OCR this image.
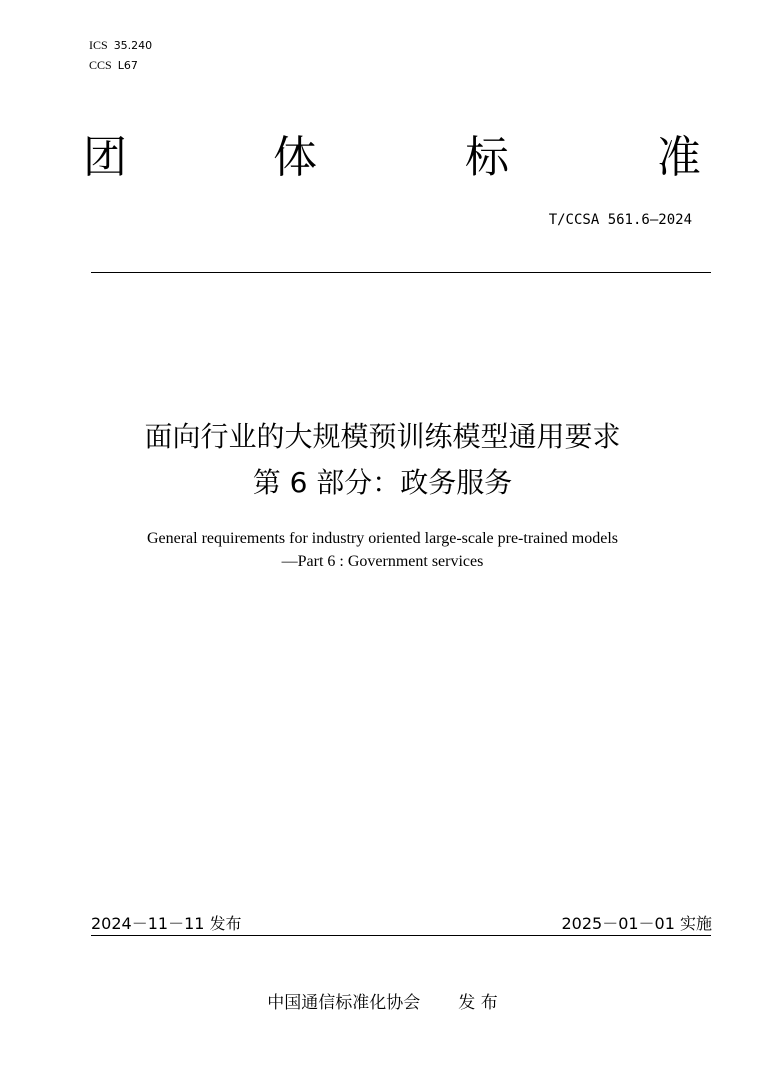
ICS 35.240
CCS L67
团	体	标	准
T/CCSA 561.6—2024
面向行业的大规模预训练模型通用要求
第 6 部分：政务服务
General requirements for industry oriented large-scale pre-trained models
—Part 6 : Government services
2024－11－11 发布	2025－01－01 实施
中国通信标准化协会 发 布
